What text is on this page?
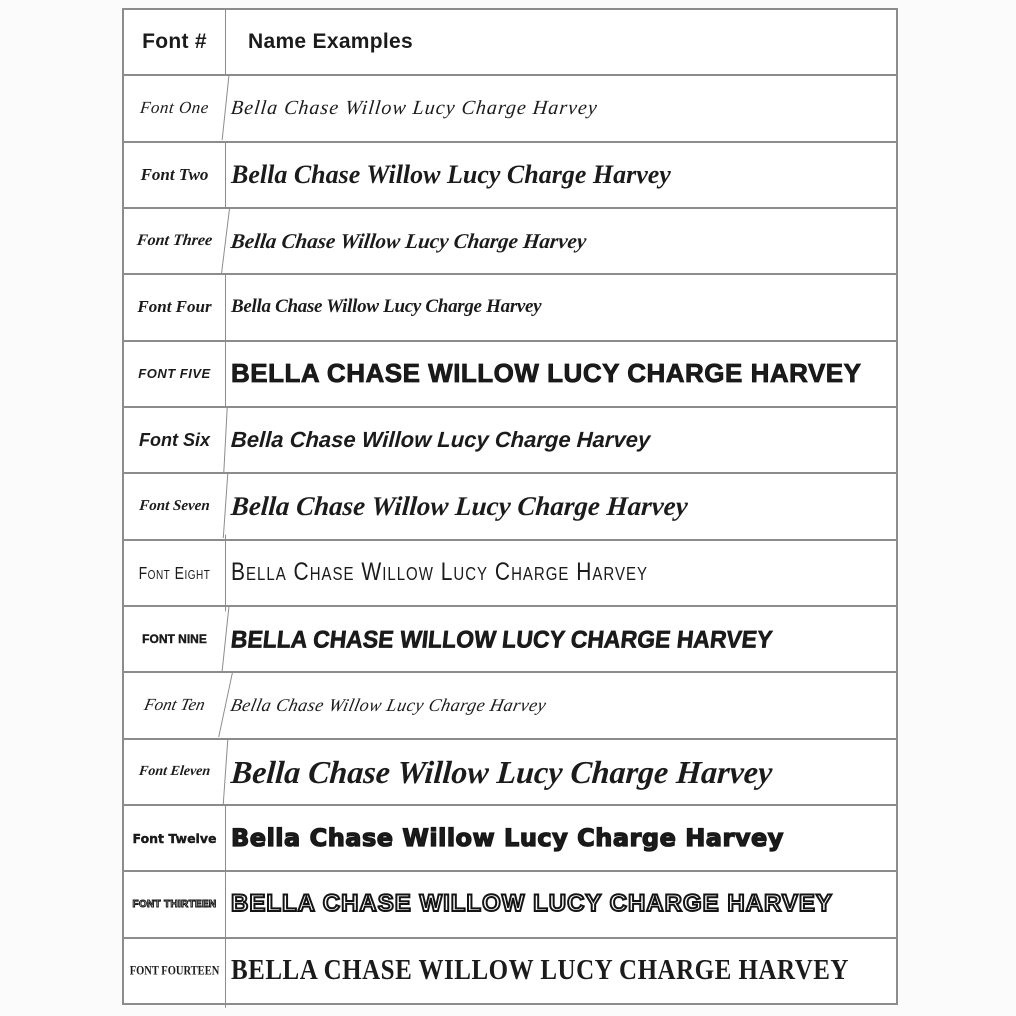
Font #	Name Examples
Font One	Bella Chase Willow Lucy Charge Harvey
Font Two Bella Chase Willow Lucy Charge Harvey
Font Three Bella Chase Willow Lucy Charge Harvey
Font Four	Bella Chase Willow Lucy Charge Harvey
FONT FIVE BELLA CHASE WILLOW LUCY CHARGE HARVEY
Font Six Bella Chase Willow Lucy Charge Harvey
Font Seven Bella Chase Willow Lucy Charge Harvey
Font Eight Bella Chase Willow Lucy Charge Harvey
FONT NINE BELLA CHASE WILLOW LUCY CHARGE HARVEY
Font Ten	Bella Chase Willow Lucy Charge Harvey
Font Eleven Bella Chase Willow Lucy Charge Harvey
Font Twelve Bella Chase Willow Lucy Charge Harvey
FONT THIRTEEN BELLA CHASE WILLOW LUCY CHARGE HARVEY
FONT FOURTEEN BELLA CHASE WILLOW LUCY CHARGE HARVEY
